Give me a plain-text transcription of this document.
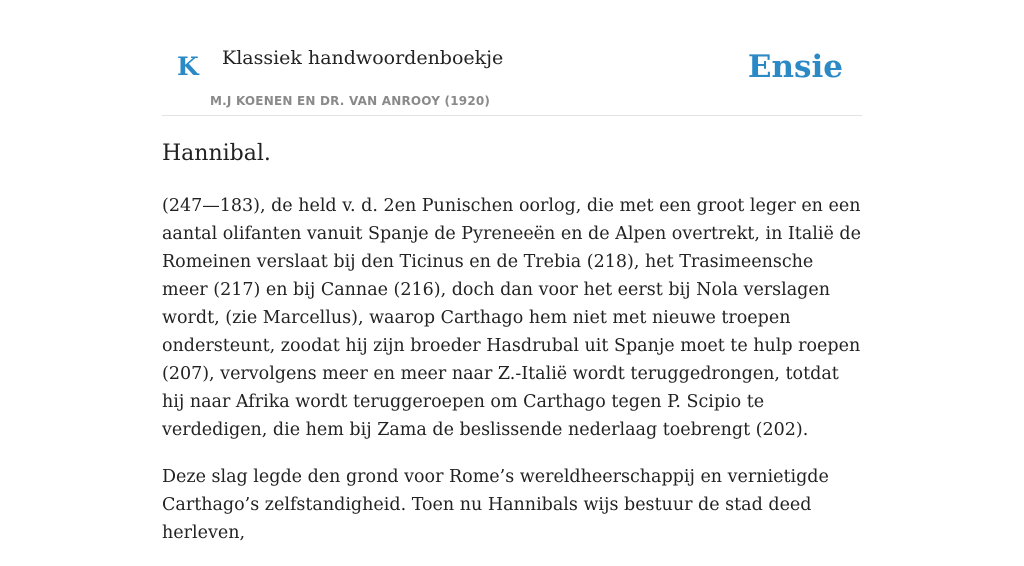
K Klassiek handwoordenboekje
M.J KOENEN EN DR. VAN ANROOY (1920)
Ensie
Hannibal.

(247—183), de held v. d. 2en Punischen oorlog, die met een groot leger en een aantal olifanten vanuit Spanje de Pyreneeën en de Alpen overtrekt, in Italië de Romeinen verslaat bij den Ticinus en de Trebia (218), het Trasimeensche meer (217) en bij Cannae (216), doch dan voor het eerst bij Nola verslagen wordt, (zie Marcellus), waarop Carthago hem niet met nieuwe troepen ondersteunt, zoodat hij zijn broeder Hasdrubal uit Spanje moet te hulp roepen (207), vervolgens meer en meer naar Z.-Italië wordt teruggedrongen, totdat hij naar Afrika wordt teruggeroepen om Carthago tegen P. Scipio te verdedigen, die hem bij Zama de beslissende nederlaag toebrengt (202).

Deze slag legde den grond voor Rome’s wereldheerschappij en vernietigde Carthago’s zelfstandigheid. Toen nu Hannibals wijs bestuur de stad deed herleven,
